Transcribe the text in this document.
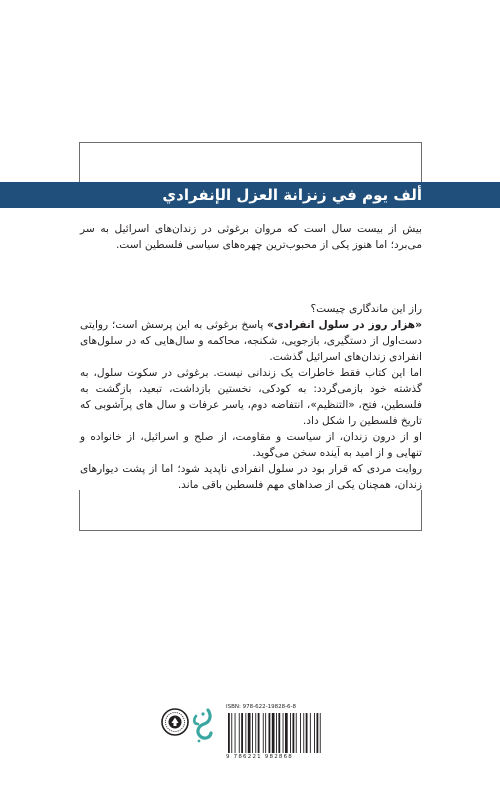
ألف يوم في زنزانة العزل الإنفرادي

بیش از بیست سال است که مروان برغوثی در زندان‌های اسرائیل به سر می‌برد؛ اما هنوز یکی از محبوب‌ترین چهره‌های سیاسی فلسطین است.

راز این ماندگاری چیست؟

«هزار روز در سلول انفرادی» پاسخ برغوثی به این پرسش است؛ روایتی دست‌اول از دستگیری، بازجویی، شکنجه، محاکمه و سال‌هایی که در سلول‌های انفرادی زندان‌های اسرائیل گذشت.

اما این کتاب فقط خاطرات یک زندانی نیست. برغوثی در سکوت سلول، به گذشته خود بازمی‌گردد: به کودکی، نخستین بازداشت، تبعید، بازگشت به فلسطین، فتح، «التنظیم»، انتفاضه دوم، یاسر عرفات و سال های پرآشوبی که تاریخ فلسطین را شکل داد.

او از درون زندان، از سیاست و مقاومت، از صلح و اسرائیل، از خانواده و تنهایی و از امید به آینده سخن می‌گوید.

روایت مردی که قرار بود در سلول انفرادی ناپدید شود؛ اما از پشت دیوارهای زندان، همچنان یکی از صداهای مهم فلسطین باقی ماند.

ISBN: 978-622-19828-6-8
9 786221 982868
